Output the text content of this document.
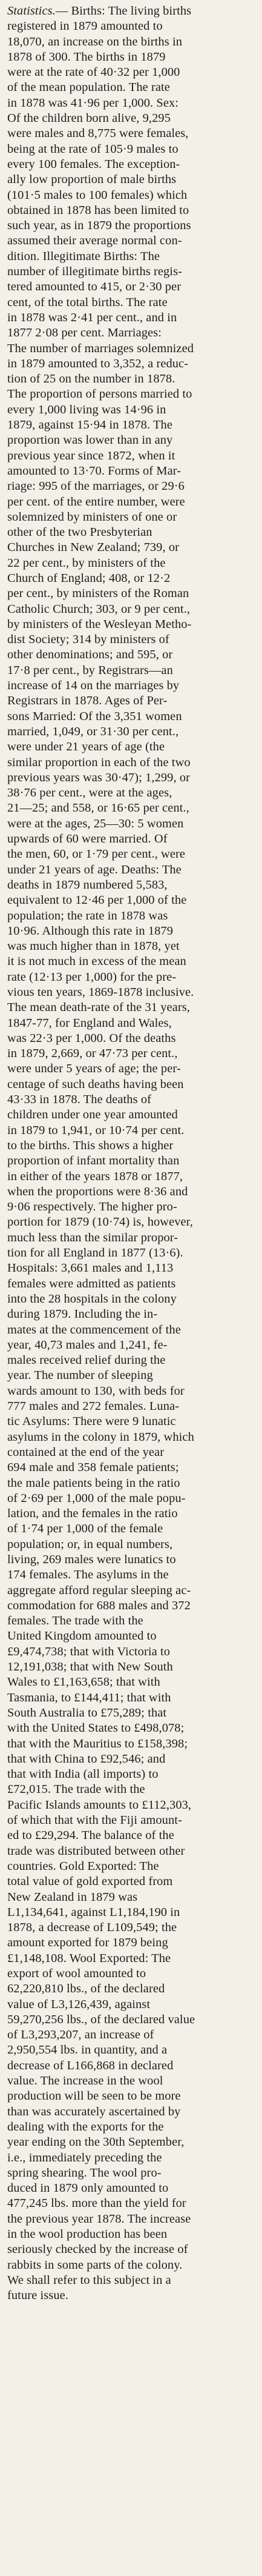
Statistics.— Births: The living births
registered in 1879 amounted to
18,070, an increase on the births in
1878 of 300. The births in 1879
were at the rate of 40·32 per 1,000
of the mean population. The rate
in 1878 was 41·96 per 1,000. Sex:
Of the children born alive, 9,295
were males and 8,775 were females,
being at the rate of 105·9 males to
every 100 females. The exception-
ally low proportion of male births
(101·5 males to 100 females) which
obtained in 1878 has been limited to
such year, as in 1879 the proportions
assumed their average normal con-
dition. Illegitimate Births: The
number of illegitimate births regis-
tered amounted to 415, or 2·30 per
cent, of the total births. The rate
in 1878 was 2·41 per cent., and in
1877 2·08 per cent. Marriages:
The number of marriages solemnized
in 1879 amounted to 3,352, a reduc-
tion of 25 on the number in 1878.
The proportion of persons married to
every 1,000 living was 14·96 in
1879, against 15·94 in 1878. The
proportion was lower than in any
previous year since 1872, when it
amounted to 13·70. Forms of Mar-
riage: 995 of the marriages, or 29·6
per cent. of the entire number, were
solemnized by ministers of one or
other of the two Presbyterian
Churches in New Zealand; 739, or
22 per cent., by ministers of the
Church of England; 408, or 12·2
per cent., by ministers of the Roman
Catholic Church; 303, or 9 per cent.,
by ministers of the Wesleyan Metho-
dist Society; 314 by ministers of
other denominations; and 595, or
17·8 per cent., by Registrars—an
increase of 14 on the marriages by
Registrars in 1878. Ages of Per-
sons Married: Of the 3,351 women
married, 1,049, or 31·30 per cent.,
were under 21 years of age (the
similar proportion in each of the two
previous years was 30·47); 1,299, or
38·76 per cent., were at the ages,
21—25; and 558, or 16·65 per cent.,
were at the ages, 25—30: 5 women
upwards of 60 were married. Of
the men, 60, or 1·79 per cent., were
under 21 years of age. Deaths: The
deaths in 1879 numbered 5,583,
equivalent to 12·46 per 1,000 of the
population; the rate in 1878 was
10·96. Although this rate in 1879
was much higher than in 1878, yet
it is not much in excess of the mean
rate (12·13 per 1,000) for the pre-
vious ten years, 1869-1878 inclusive.
The mean death-rate of the 31 years,
1847-77, for England and Wales,
was 22·3 per 1,000. Of the deaths
in 1879, 2,669, or 47·73 per cent.,
were under 5 years of age; the per-
centage of such deaths having been
43·33 in 1878. The deaths of
children under one year amounted
in 1879 to 1,941, or 10·74 per cent.
to the births. This shows a higher
proportion of infant mortality than
in either of the years 1878 or 1877,
when the proportions were 8·36 and
9·06 respectively. The higher pro-
portion for 1879 (10·74) is, however,
much less than the similar propor-
tion for all England in 1877 (13·6).
Hospitals: 3,661 males and 1,113
females were admitted as patients
into the 28 hospitals in the colony
during 1879. Including the in-
mates at the commencement of the
year, 40,73 males and 1,241, fe-
males received relief during the
year. The number of sleeping
wards amount to 130, with beds for
777 males and 272 females. Luna-
tic Asylums: There were 9 lunatic
asylums in the colony in 1879, which
contained at the end of the year
694 male and 358 female patients;
the male patients being in the ratio
of 2·69 per 1,000 of the male popu-
lation, and the females in the ratio
of 1·74 per 1,000 of the female
population; or, in equal numbers,
living, 269 males were lunatics to
174 females. The asylums in the
aggregate afford regular sleeping ac-
commodation for 688 males and 372
females. The trade with the
United Kingdom amounted to
£9,474,738; that with Victoria to
12,191,038; that with New South
Wales to £1,163,658; that with
Tasmania, to £144,411; that with
South Australia to £75,289; that
with the United States to £498,078;
that with the Mauritius to £158,398;
that with China to £92,546; and
that with India (all imports) to
£72,015. The trade with the
Pacific Islands amounts to £112,303,
of which that with the Fiji amount-
ed to £29,294. The balance of the
trade was distributed between other
countries. Gold Exported: The
total value of gold exported from
New Zealand in 1879 was
L1,134,641, against L1,184,190 in
1878, a decrease of L109,549; the
amount exported for 1879 being
£1,148,108. Wool Exported: The
export of wool amounted to
62,220,810 lbs., of the declared
value of L3,126,439, against
59,270,256 lbs., of the declared value
of L3,293,207, an increase of
2,950,554 lbs. in quantity, and a
decrease of L166,868 in declared
value. The increase in the wool
production will be seen to be more
than was accurately ascertained by
dealing with the exports for the
year ending on the 30th September,
i.e., immediately preceding the
spring shearing. The wool pro-
duced in 1879 only amounted to
477,245 lbs. more than the yield for
the previous year 1878. The increase
in the wool production has been
seriously checked by the increase of
rabbits in some parts of the colony.
We shall refer to this subject in a
future issue.
